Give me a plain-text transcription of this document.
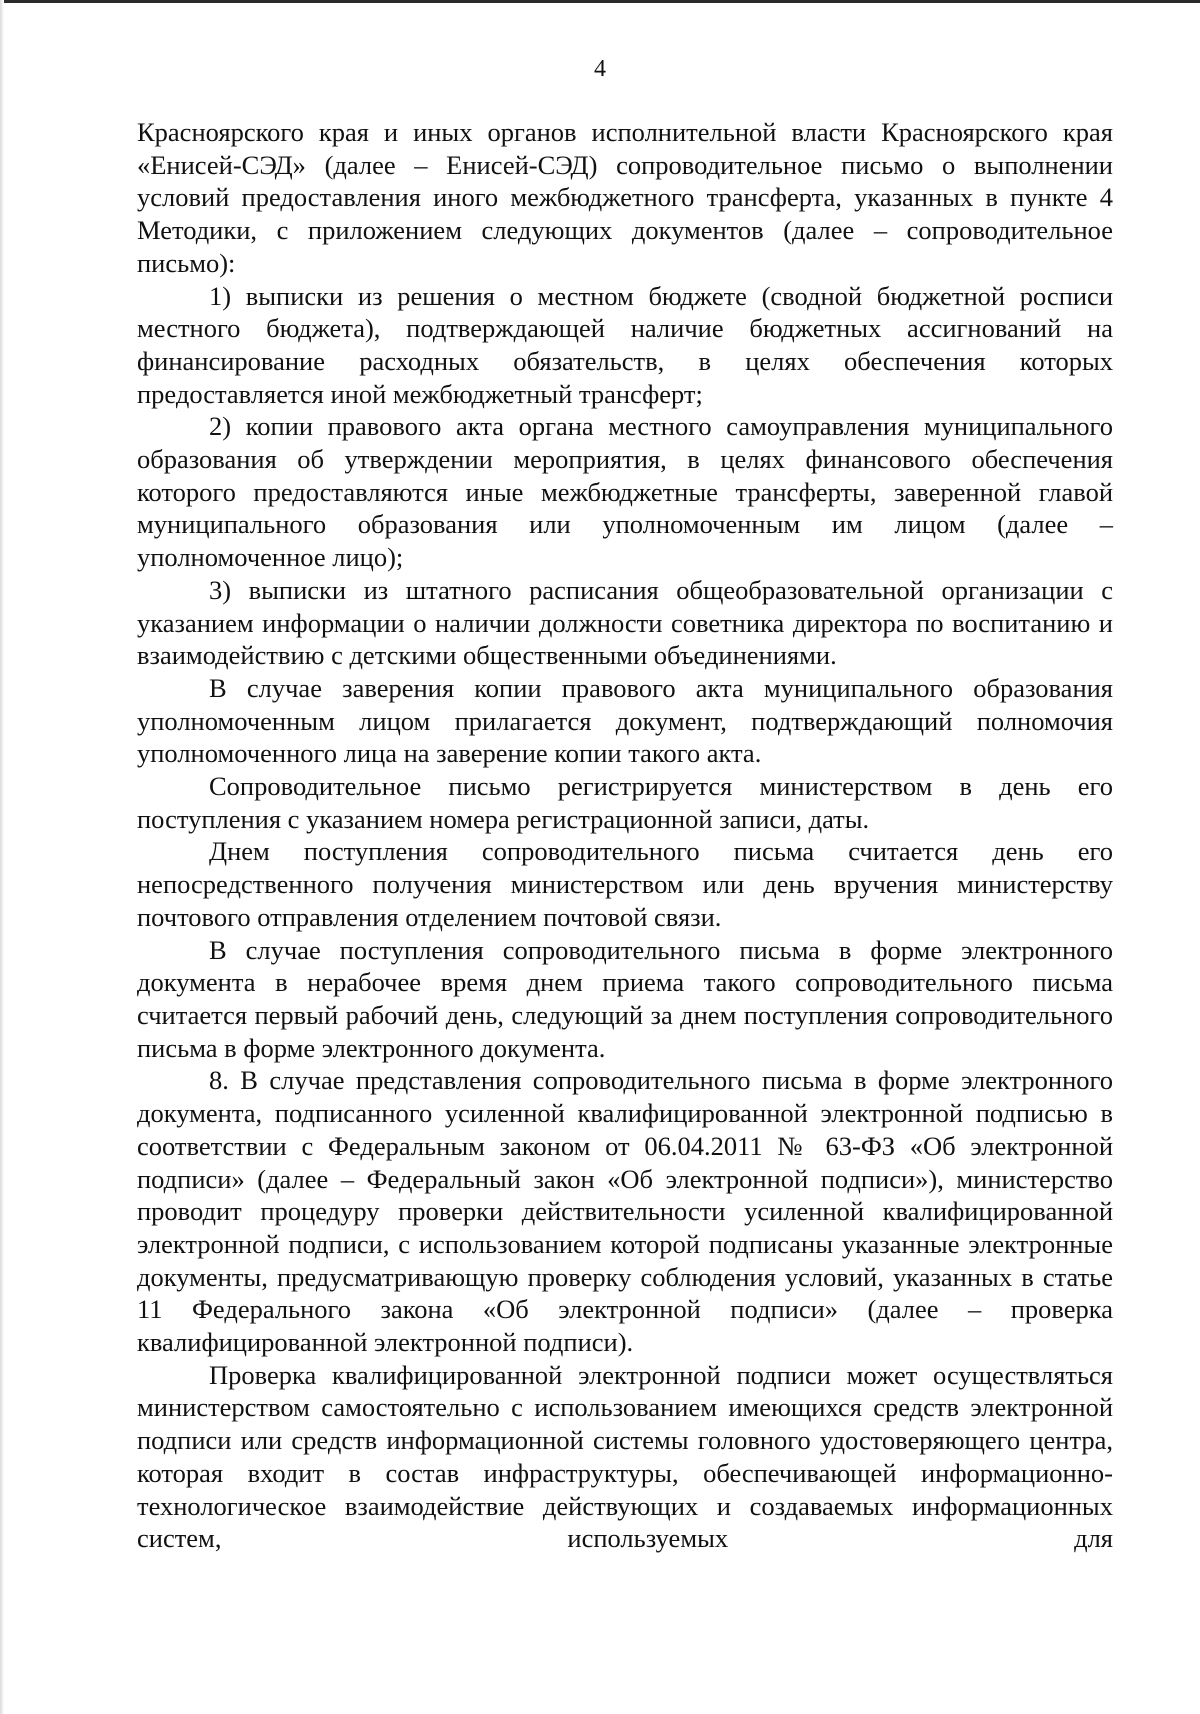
4

Красноярского края и иных органов исполнительной власти Красноярского края «Енисей-СЭД» (далее – Енисей-СЭД) сопроводительное письмо о выполнении условий предоставления иного межбюджетного трансферта, указанных в пункте 4 Методики, с приложением следующих документов (далее – сопроводительное письмо):

1) выписки из решения о местном бюджете (сводной бюджетной росписи местного бюджета), подтверждающей наличие бюджетных ассигнований на финансирование расходных обязательств, в целях обеспечения которых предоставляется иной межбюджетный трансферт;

2) копии правового акта органа местного самоуправления муниципального образования об утверждении мероприятия, в целях финансового обеспечения которого предоставляются иные межбюджетные трансферты, заверенной главой муниципального образования или уполномоченным им лицом (далее – уполномоченное лицо);

3) выписки из штатного расписания общеобразовательной организации с указанием информации о наличии должности советника директора по воспитанию и взаимодействию с детскими общественными объединениями.

В случае заверения копии правового акта муниципального образования уполномоченным лицом прилагается документ, подтверждающий полномочия уполномоченного лица на заверение копии такого акта.

Сопроводительное письмо регистрируется министерством в день его поступления с указанием номера регистрационной записи, даты.

Днем поступления сопроводительного письма считается день его непосредственного получения министерством или день вручения министерству почтового отправления отделением почтовой связи.

В случае поступления сопроводительного письма в форме электронного документа в нерабочее время днем приема такого сопроводительного письма считается первый рабочий день, следующий за днем поступления сопроводительного письма в форме электронного документа.

8. В случае представления сопроводительного письма в форме электронного документа, подписанного усиленной квалифицированной электронной подписью в соответствии с Федеральным законом от 06.04.2011 № 63-ФЗ «Об электронной подписи» (далее – Федеральный закон «Об электронной подписи»), министерство проводит процедуру проверки действительности усиленной квалифицированной электронной подписи, с использованием которой подписаны указанные электронные документы, предусматривающую проверку соблюдения условий, указанных в статье 11 Федерального закона «Об электронной подписи» (далее – проверка квалифицированной электронной подписи).

Проверка квалифицированной электронной подписи может осуществляться министерством самостоятельно с использованием имеющихся средств электронной подписи или средств информационной системы головного удостоверяющего центра, которая входит в состав инфраструктуры, обеспечивающей информационно-технологическое взаимодействие действующих и создаваемых информационных систем, используемых для
